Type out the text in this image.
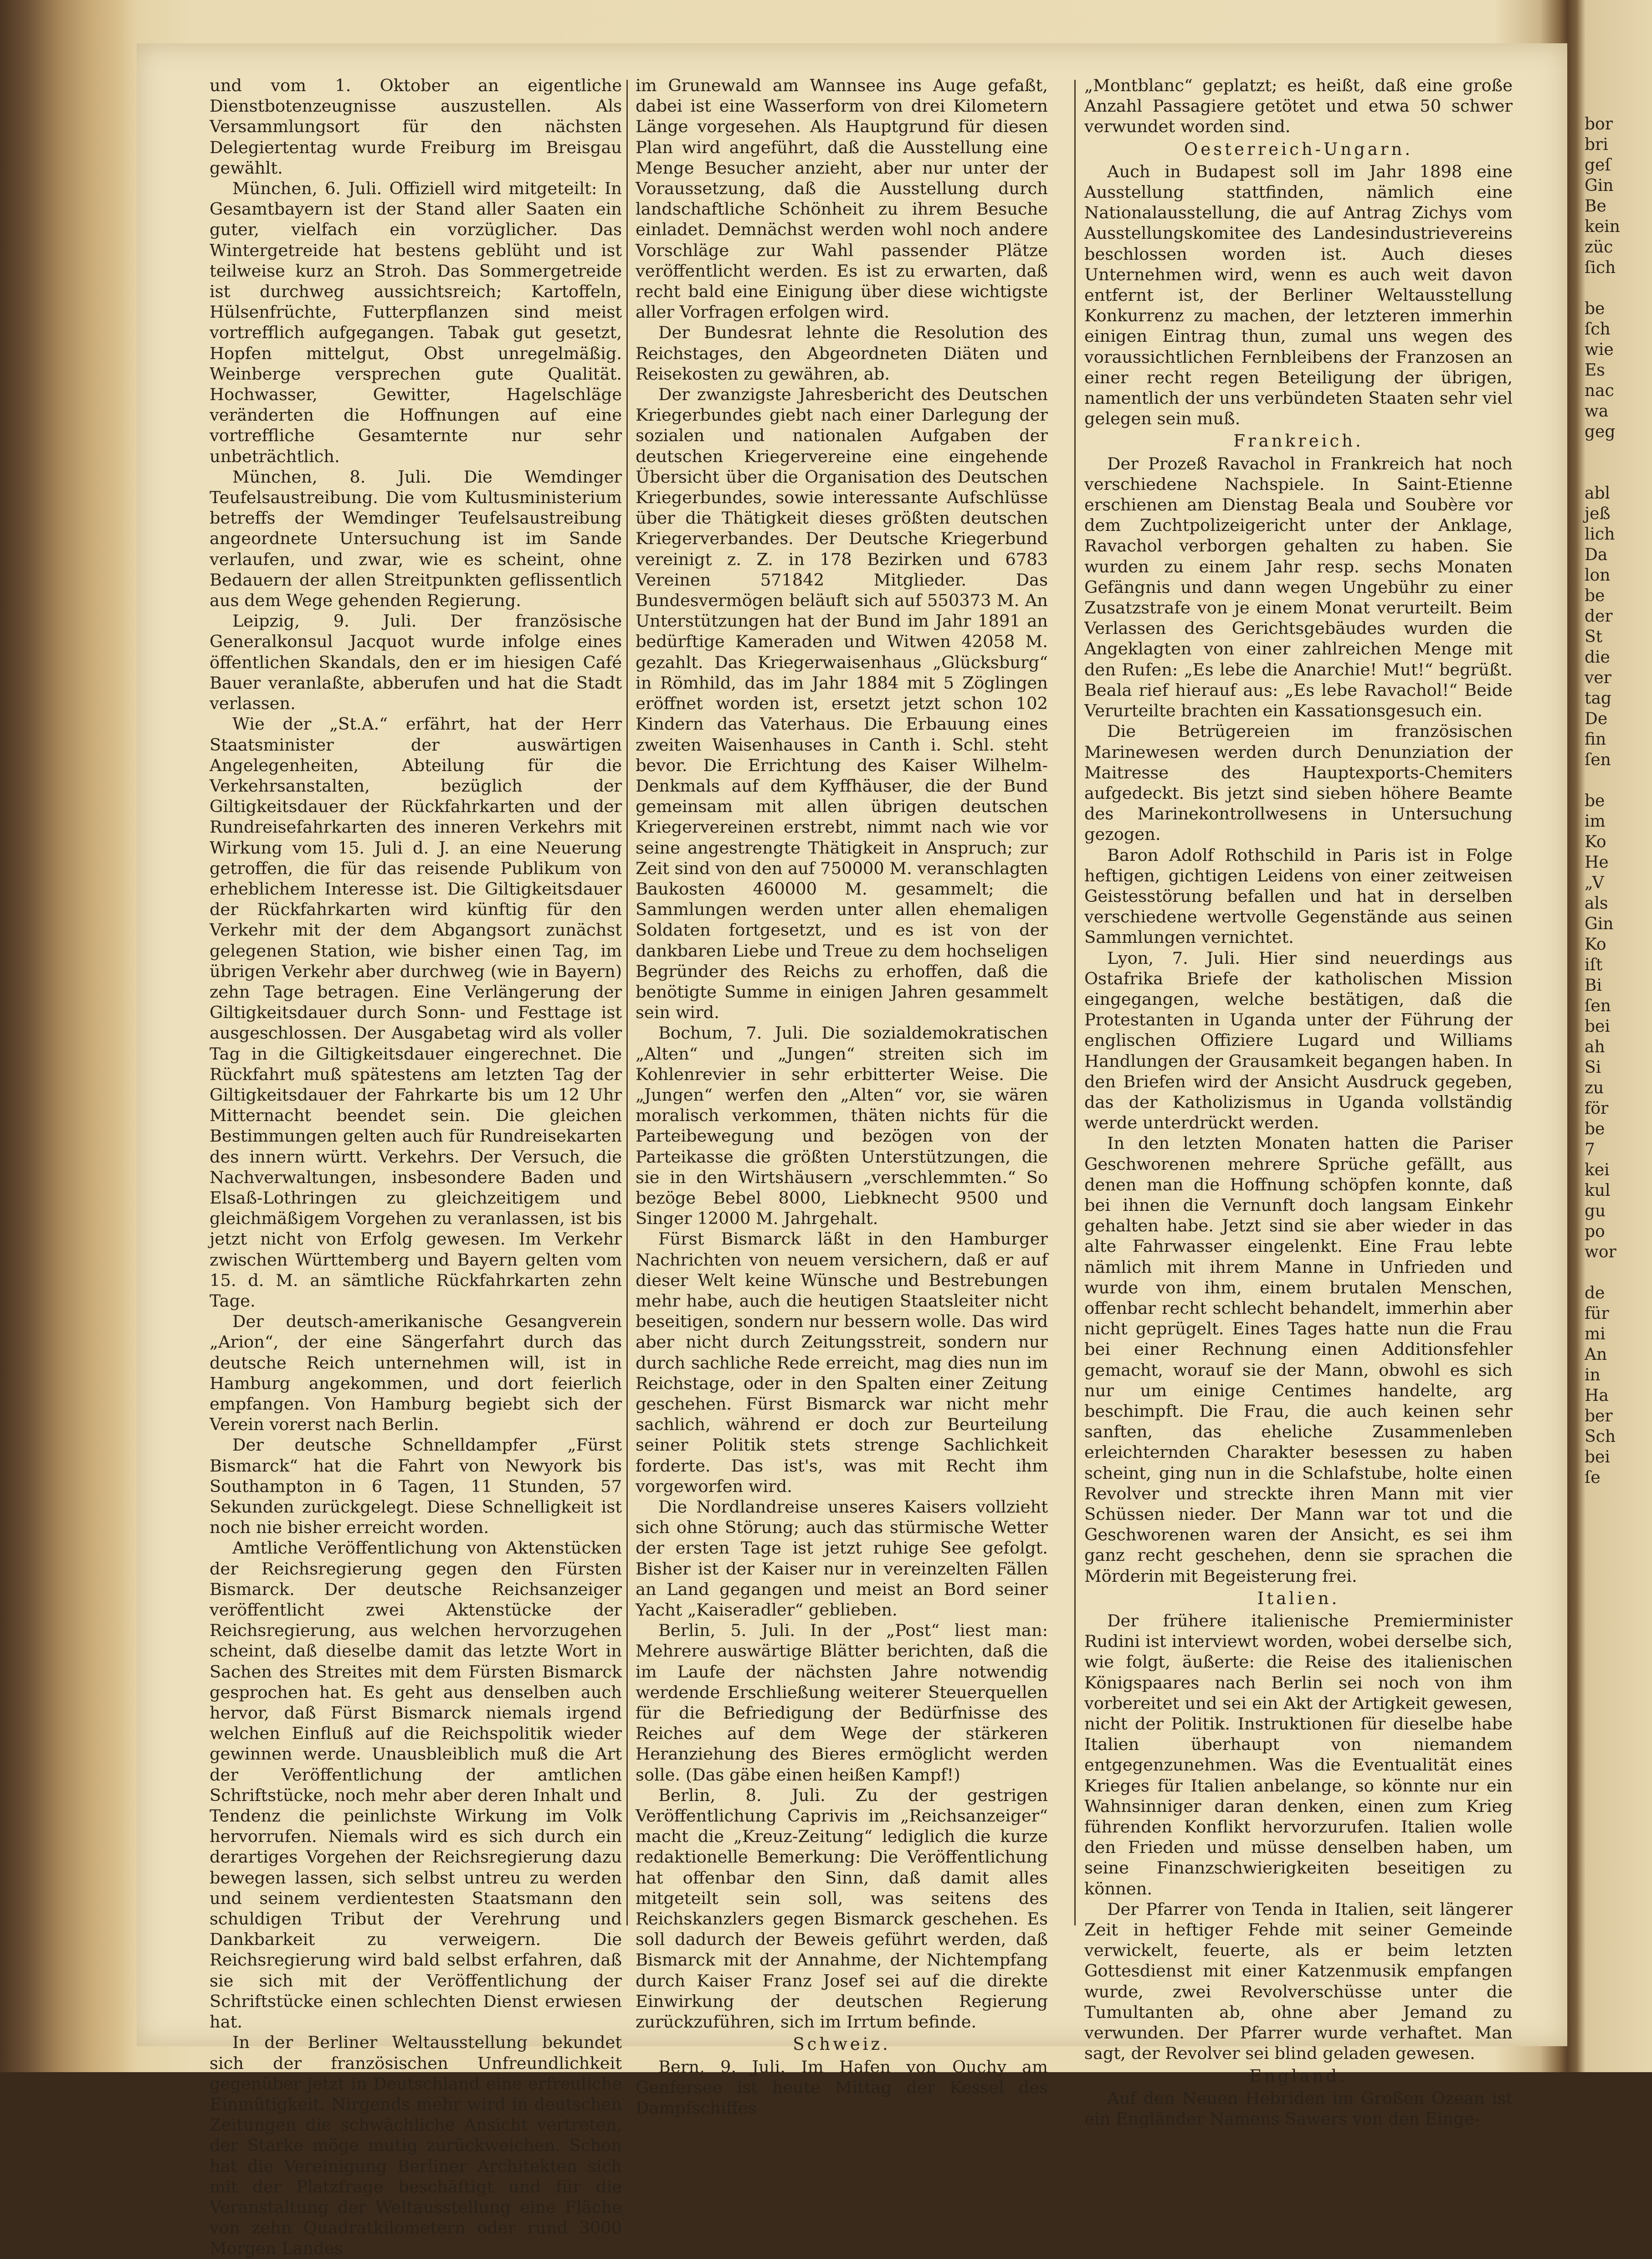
und vom 1. Oktober an eigentliche Dienstbotenzeugnisse auszustellen. Als Versammlungsort für den nächsten Delegiertentag wurde Freiburg im Breisgau gewählt.

München, 6. Juli. Offiziell wird mitgeteilt: In Gesamtbayern ist der Stand aller Saaten ein guter, vielfach ein vorzüglicher. Das Wintergetreide hat bestens geblüht und ist teilweise kurz an Stroh. Das Sommergetreide ist durchweg aussichtsreich; Kartoffeln, Hülsenfrüchte, Futterpflanzen sind meist vortrefflich aufgegangen. Tabak gut gesetzt, Hopfen mittelgut, Obst unregelmäßig. Weinberge versprechen gute Qualität. Hochwasser, Gewitter, Hagelschläge veränderten die Hoffnungen auf eine vortreffliche Gesamternte nur sehr unbeträchtlich.

München, 8. Juli. Die Wemdinger Teufelsaustreibung. Die vom Kultusministerium betreffs der Wemdinger Teufelsaustreibung angeordnete Untersuchung ist im Sande verlaufen, und zwar, wie es scheint, ohne Bedauern der allen Streitpunkten geflissentlich aus dem Wege gehenden Regierung.

Leipzig, 9. Juli. Der französische Generalkonsul Jacquot wurde infolge eines öffentlichen Skandals, den er im hiesigen Café Bauer veranlaßte, abberufen und hat die Stadt verlassen.

Wie der „St.A.“ erfährt, hat der Herr Staatsminister der auswärtigen Angelegenheiten, Abteilung für die Verkehrsanstalten, bezüglich der Giltigkeitsdauer der Rückfahrkarten und der Rundreisefahrkarten des inneren Verkehrs mit Wirkung vom 15. Juli d. J. an eine Neuerung getroffen, die für das reisende Publikum von erheblichem Interesse ist. Die Giltigkeitsdauer der Rückfahrkarten wird künftig für den Verkehr mit der dem Abgangsort zunächst gelegenen Station, wie bisher einen Tag, im übrigen Verkehr aber durchweg (wie in Bayern) zehn Tage betragen. Eine Verlängerung der Giltigkeitsdauer durch Sonn- und Festtage ist ausgeschlossen. Der Ausgabetag wird als voller Tag in die Giltigkeitsdauer eingerechnet. Die Rückfahrt muß spätestens am letzten Tag der Giltigkeitsdauer der Fahrkarte bis um 12 Uhr Mitternacht beendet sein. Die gleichen Bestimmungen gelten auch für Rundreisekarten des innern württ. Verkehrs. Der Versuch, die Nachverwaltungen, insbesondere Baden und Elsaß-Lothringen zu gleichzeitigem und gleichmäßigem Vorgehen zu veranlassen, ist bis jetzt nicht von Erfolg gewesen. Im Verkehr zwischen Württemberg und Bayern gelten vom 15. d. M. an sämtliche Rückfahrkarten zehn Tage.

Der deutsch-amerikanische Gesangverein „Arion“, der eine Sängerfahrt durch das deutsche Reich unternehmen will, ist in Hamburg angekommen, und dort feierlich empfangen. Von Hamburg begiebt sich der Verein vorerst nach Berlin.

Der deutsche Schnelldampfer „Fürst Bismarck“ hat die Fahrt von Newyork bis Southampton in 6 Tagen, 11 Stunden, 57 Sekunden zurückgelegt. Diese Schnelligkeit ist noch nie bisher erreicht worden.

Amtliche Veröffentlichung von Aktenstücken der Reichsregierung gegen den Fürsten Bismarck. Der deutsche Reichsanzeiger veröffentlicht zwei Aktenstücke der Reichsregierung, aus welchen hervorzugehen scheint, daß dieselbe damit das letzte Wort in Sachen des Streites mit dem Fürsten Bismarck gesprochen hat. Es geht aus denselben auch hervor, daß Fürst Bismarck niemals irgend welchen Einfluß auf die Reichspolitik wieder gewinnen werde. Unausbleiblich muß die Art der Veröffentlichung der amtlichen Schriftstücke, noch mehr aber deren Inhalt und Tendenz die peinlichste Wirkung im Volk hervorrufen. Niemals wird es sich durch ein derartiges Vorgehen der Reichsregierung dazu bewegen lassen, sich selbst untreu zu werden und seinem verdientesten Staatsmann den schuldigen Tribut der Verehrung und Dankbarkeit zu verweigern. Die Reichsregierung wird bald selbst erfahren, daß sie sich mit der Veröffentlichung der Schriftstücke einen schlechten Dienst erwiesen hat.

In der Berliner Weltausstellung bekundet sich der französischen Unfreundlichkeit gegenüber jetzt in Deutschland eine erfreuliche Einmütigkeit. Nirgends mehr wird in deutschen Zeitungen die schwächliche Ansicht vertreten, der Starke möge mutig zurückweichen. Schon hat die Vereinigung Berliner Architekten sich mit der Platzfrage beschäftigt und für die Veranstaltung der Weltausstellung eine Fläche von zehn Quadratkilometern oder rund 3000 Morgen Landes

im Grunewald am Wannsee ins Auge gefaßt, dabei ist eine Wasserform von drei Kilometern Länge vorgesehen. Als Hauptgrund für diesen Plan wird angeführt, daß die Ausstellung eine Menge Besucher anzieht, aber nur unter der Voraussetzung, daß die Ausstellung durch landschaftliche Schönheit zu ihrem Besuche einladet. Demnächst werden wohl noch andere Vorschläge zur Wahl passender Plätze veröffentlicht werden. Es ist zu erwarten, daß recht bald eine Einigung über diese wichtigste aller Vorfragen erfolgen wird.

Der Bundesrat lehnte die Resolution des Reichstages, den Abgeordneten Diäten und Reisekosten zu gewähren, ab.

Der zwanzigste Jahresbericht des Deutschen Kriegerbundes giebt nach einer Darlegung der sozialen und nationalen Aufgaben der deutschen Kriegervereine eine eingehende Übersicht über die Organisation des Deutschen Kriegerbundes, sowie interessante Aufschlüsse über die Thätigkeit dieses größten deutschen Kriegerverbandes. Der Deutsche Kriegerbund vereinigt z. Z. in 178 Bezirken und 6783 Vereinen 571842 Mitglieder. Das Bundesvermögen beläuft sich auf 550373 M. An Unterstützungen hat der Bund im Jahr 1891 an bedürftige Kameraden und Witwen 42058 M. gezahlt. Das Kriegerwaisenhaus „Glücksburg“ in Römhild, das im Jahr 1884 mit 5 Zöglingen eröffnet worden ist, ersetzt jetzt schon 102 Kindern das Vaterhaus. Die Erbauung eines zweiten Waisenhauses in Canth i. Schl. steht bevor. Die Errichtung des Kaiser Wilhelm-Denkmals auf dem Kyffhäuser, die der Bund gemeinsam mit allen übrigen deutschen Kriegervereinen erstrebt, nimmt nach wie vor seine angestrengte Thätigkeit in Anspruch; zur Zeit sind von den auf 750000 M. veranschlagten Baukosten 460000 M. gesammelt; die Sammlungen werden unter allen ehemaligen Soldaten fortgesetzt, und es ist von der dankbaren Liebe und Treue zu dem hochseligen Begründer des Reichs zu erhoffen, daß die benötigte Summe in einigen Jahren gesammelt sein wird.

Bochum, 7. Juli. Die sozialdemokratischen „Alten“ und „Jungen“ streiten sich im Kohlenrevier in sehr erbitterter Weise. Die „Jungen“ werfen den „Alten“ vor, sie wären moralisch verkommen, thäten nichts für die Parteibewegung und bezögen von der Parteikasse die größten Unterstützungen, die sie in den Wirtshäusern „verschlemmten.“ So bezöge Bebel 8000, Liebknecht 9500 und Singer 12000 M. Jahrgehalt.

Fürst Bismarck läßt in den Hamburger Nachrichten von neuem versichern, daß er auf dieser Welt keine Wünsche und Bestrebungen mehr habe, auch die heutigen Staatsleiter nicht beseitigen, sondern nur bessern wolle. Das wird aber nicht durch Zeitungsstreit, sondern nur durch sachliche Rede erreicht, mag dies nun im Reichstage, oder in den Spalten einer Zeitung geschehen. Fürst Bismarck war nicht mehr sachlich, während er doch zur Beurteilung seiner Politik stets strenge Sachlichkeit forderte. Das ist's, was mit Recht ihm vorgeworfen wird.

Die Nordlandreise unseres Kaisers vollzieht sich ohne Störung; auch das stürmische Wetter der ersten Tage ist jetzt ruhige See gefolgt. Bisher ist der Kaiser nur in vereinzelten Fällen an Land gegangen und meist an Bord seiner Yacht „Kaiseradler“ geblieben.

Berlin, 5. Juli. In der „Post“ liest man: Mehrere auswärtige Blätter berichten, daß die im Laufe der nächsten Jahre notwendig werdende Erschließung weiterer Steuerquellen für die Befriedigung der Bedürfnisse des Reiches auf dem Wege der stärkeren Heranziehung des Bieres ermöglicht werden solle. (Das gäbe einen heißen Kampf!)

Berlin, 8. Juli. Zu der gestrigen Veröffentlichung Caprivis im „Reichsanzeiger“ macht die „Kreuz-Zeitung“ lediglich die kurze redaktionelle Bemerkung: Die Veröffentlichung hat offenbar den Sinn, daß damit alles mitgeteilt sein soll, was seitens des Reichskanzlers gegen Bismarck geschehen. Es soll dadurch der Beweis geführt werden, daß Bismarck mit der Annahme, der Nichtempfang durch Kaiser Franz Josef sei auf die direkte Einwirkung der deutschen Regierung zurückzuführen, sich im Irrtum befinde.

Schweiz.

Bern, 9. Juli. Im Hafen von Ouchy am Genfersee ist heute Mittag der Kessel des Dampfschiffes

„Montblanc“ geplatzt; es heißt, daß eine große Anzahl Passagiere getötet und etwa 50 schwer verwundet worden sind.

Oesterreich-Ungarn.

Auch in Budapest soll im Jahr 1898 eine Ausstellung stattfinden, nämlich eine Nationalausstellung, die auf Antrag Zichys vom Ausstellungskomitee des Landesindustrievereins beschlossen worden ist. Auch dieses Unternehmen wird, wenn es auch weit davon entfernt ist, der Berliner Weltausstellung Konkurrenz zu machen, der letzteren immerhin einigen Eintrag thun, zumal uns wegen des voraussichtlichen Fernbleibens der Franzosen an einer recht regen Beteiligung der übrigen, namentlich der uns verbündeten Staaten sehr viel gelegen sein muß.

Frankreich.

Der Prozeß Ravachol in Frankreich hat noch verschiedene Nachspiele. In Saint-Etienne erschienen am Dienstag Beala und Soubère vor dem Zuchtpolizeigericht unter der Anklage, Ravachol verborgen gehalten zu haben. Sie wurden zu einem Jahr resp. sechs Monaten Gefängnis und dann wegen Ungebühr zu einer Zusatzstrafe von je einem Monat verurteilt. Beim Verlassen des Gerichtsgebäudes wurden die Angeklagten von einer zahlreichen Menge mit den Rufen: „Es lebe die Anarchie! Mut!“ begrüßt. Beala rief hierauf aus: „Es lebe Ravachol!“ Beide Verurteilte brachten ein Kassationsgesuch ein.

Die Betrügereien im französischen Marinewesen werden durch Denunziation der Maitresse des Hauptexports-Chemiters aufgedeckt. Bis jetzt sind sieben höhere Beamte des Marinekontrollwesens in Untersuchung gezogen.

Baron Adolf Rothschild in Paris ist in Folge heftigen, gichtigen Leidens von einer zeitweisen Geistesstörung befallen und hat in derselben verschiedene wertvolle Gegenstände aus seinen Sammlungen vernichtet.

Lyon, 7. Juli. Hier sind neuerdings aus Ostafrika Briefe der katholischen Mission eingegangen, welche bestätigen, daß die Protestanten in Uganda unter der Führung der englischen Offiziere Lugard und Williams Handlungen der Grausamkeit begangen haben. In den Briefen wird der Ansicht Ausdruck gegeben, das der Katholizismus in Uganda vollständig werde unterdrückt werden.

In den letzten Monaten hatten die Pariser Geschworenen mehrere Sprüche gefällt, aus denen man die Hoffnung schöpfen konnte, daß bei ihnen die Vernunft doch langsam Einkehr gehalten habe. Jetzt sind sie aber wieder in das alte Fahrwasser eingelenkt. Eine Frau lebte nämlich mit ihrem Manne in Unfrieden und wurde von ihm, einem brutalen Menschen, offenbar recht schlecht behandelt, immerhin aber nicht geprügelt. Eines Tages hatte nun die Frau bei einer Rechnung einen Additionsfehler gemacht, worauf sie der Mann, obwohl es sich nur um einige Centimes handelte, arg beschimpft. Die Frau, die auch keinen sehr sanften, das eheliche Zusammenleben erleichternden Charakter besessen zu haben scheint, ging nun in die Schlafstube, holte einen Revolver und streckte ihren Mann mit vier Schüssen nieder. Der Mann war tot und die Geschworenen waren der Ansicht, es sei ihm ganz recht geschehen, denn sie sprachen die Mörderin mit Begeisterung frei.

Italien.

Der frühere italienische Premierminister Rudini ist interviewt worden, wobei derselbe sich, wie folgt, äußerte: die Reise des italienischen Königspaares nach Berlin sei noch von ihm vorbereitet und sei ein Akt der Artigkeit gewesen, nicht der Politik. Instruktionen für dieselbe habe Italien überhaupt von niemandem entgegenzunehmen. Was die Eventualität eines Krieges für Italien anbelange, so könnte nur ein Wahnsinniger daran denken, einen zum Krieg führenden Konflikt hervorzurufen. Italien wolle den Frieden und müsse denselben haben, um seine Finanzschwierigkeiten beseitigen zu können.

Der Pfarrer von Tenda in Italien, seit längerer Zeit in heftiger Fehde mit seiner Gemeinde verwickelt, feuerte, als er beim letzten Gottesdienst mit einer Katzenmusik empfangen wurde, zwei Revolverschüsse unter die Tumultanten ab, ohne aber Jemand zu verwunden. Der Pfarrer wurde verhaftet. Man sagt, der Revolver sei blind geladen gewesen.

England.

Auf den Neuen Hebriden im Großen Ozean ist ein Engländer Namens Sawers von den Einge-

bor
bri
geſ
Gin
Be
kein
züc
ſich

be
ſch
wie
Es
nac
wa
geg

abl
jeß
lich
Da
lon
be
der
St
die
ver
tag
De
fin
ſen

be
im
Ko
He
„V
als
Gin
Ko
iſt
Bi
ſen
bei
ah
Si
zu
för
be
7
kei
kul
gu
po
wor

de
für
mi
An
in
Ha
ber
Sch
bei
ſe
